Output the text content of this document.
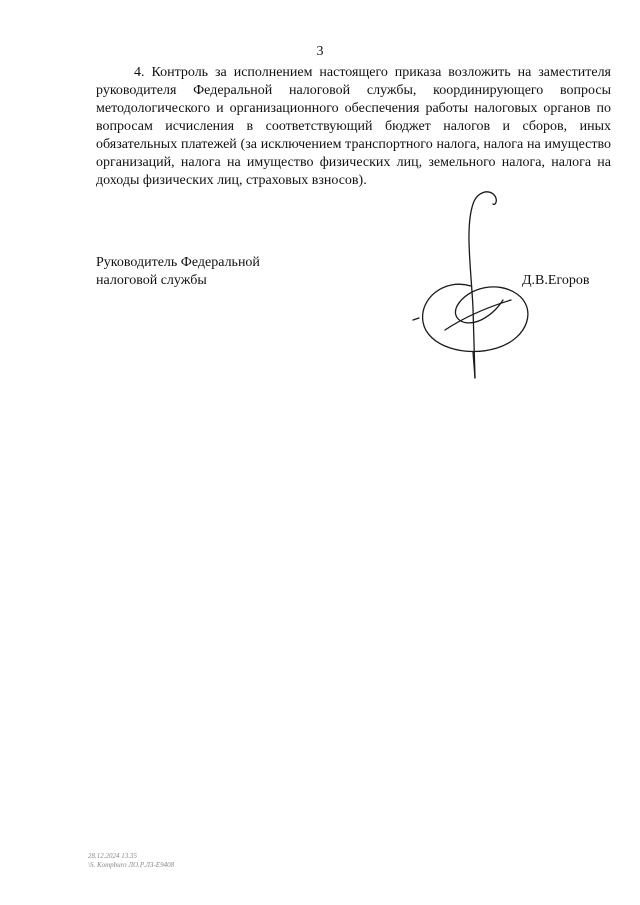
3

4. Контроль за исполнением настоящего приказа возложить на заместителя руководителя Федеральной налоговой службы, координирующего вопросы методологического и организационного обеспечения работы налоговых органов по вопросам исчисления в соответствующий бюджет налогов и сборов, иных обязательных платежей (за исключением транспортного налога, налога на имущество организаций, налога на имущество физических лиц, земельного налога, налога на доходы физических лиц, страховых взносов).

Руководитель Федеральной
налоговой службы	Д.В.Егоров
28.12.2024 13.35
\S. Kompburo ЛО.Р.ЛЗ-Е9408
